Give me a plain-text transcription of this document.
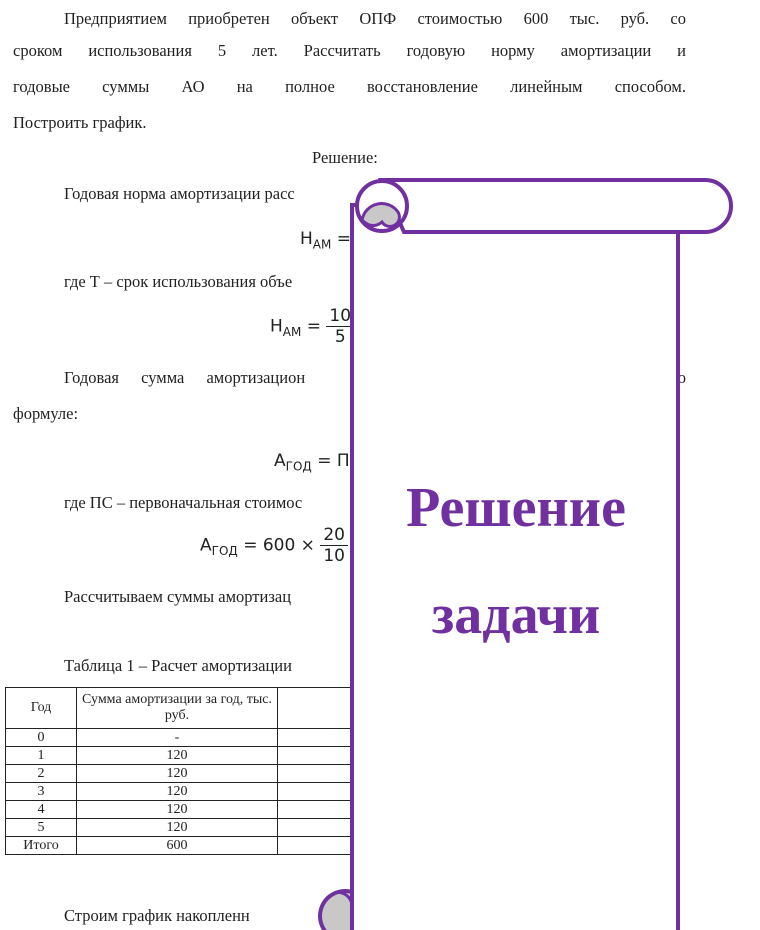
Предприятием приобретен объект ОПФ стоимостью 600 тыс. руб. со
сроком использования 5 лет. Рассчитать годовую норму амортизации и
годовые суммы АО на полное восстановление линейным способом.
Построить график.
Решение:
Годовая норма амортизации расс
$Н_{АМ}$ =
где Т – срок использования объе
$Н_{АМ} = \frac{10}{5}$
Годовая сумма амортизацион	о
формуле:
$А_{ГОД} = П$
где ПС – первоначальная стоимос
$А_{ГОД} = 600 \times \frac{20}{10}$
Рассчитываем суммы амортизац
Таблица 1 – Расчет амортизации
Год	Сумма амортизации за год, тыс. руб.	
0	-	
1	120	
2	120	
3	120	
4	120	
5	120	
Итого	600	
Строим график накопленн
Решение
задачи
